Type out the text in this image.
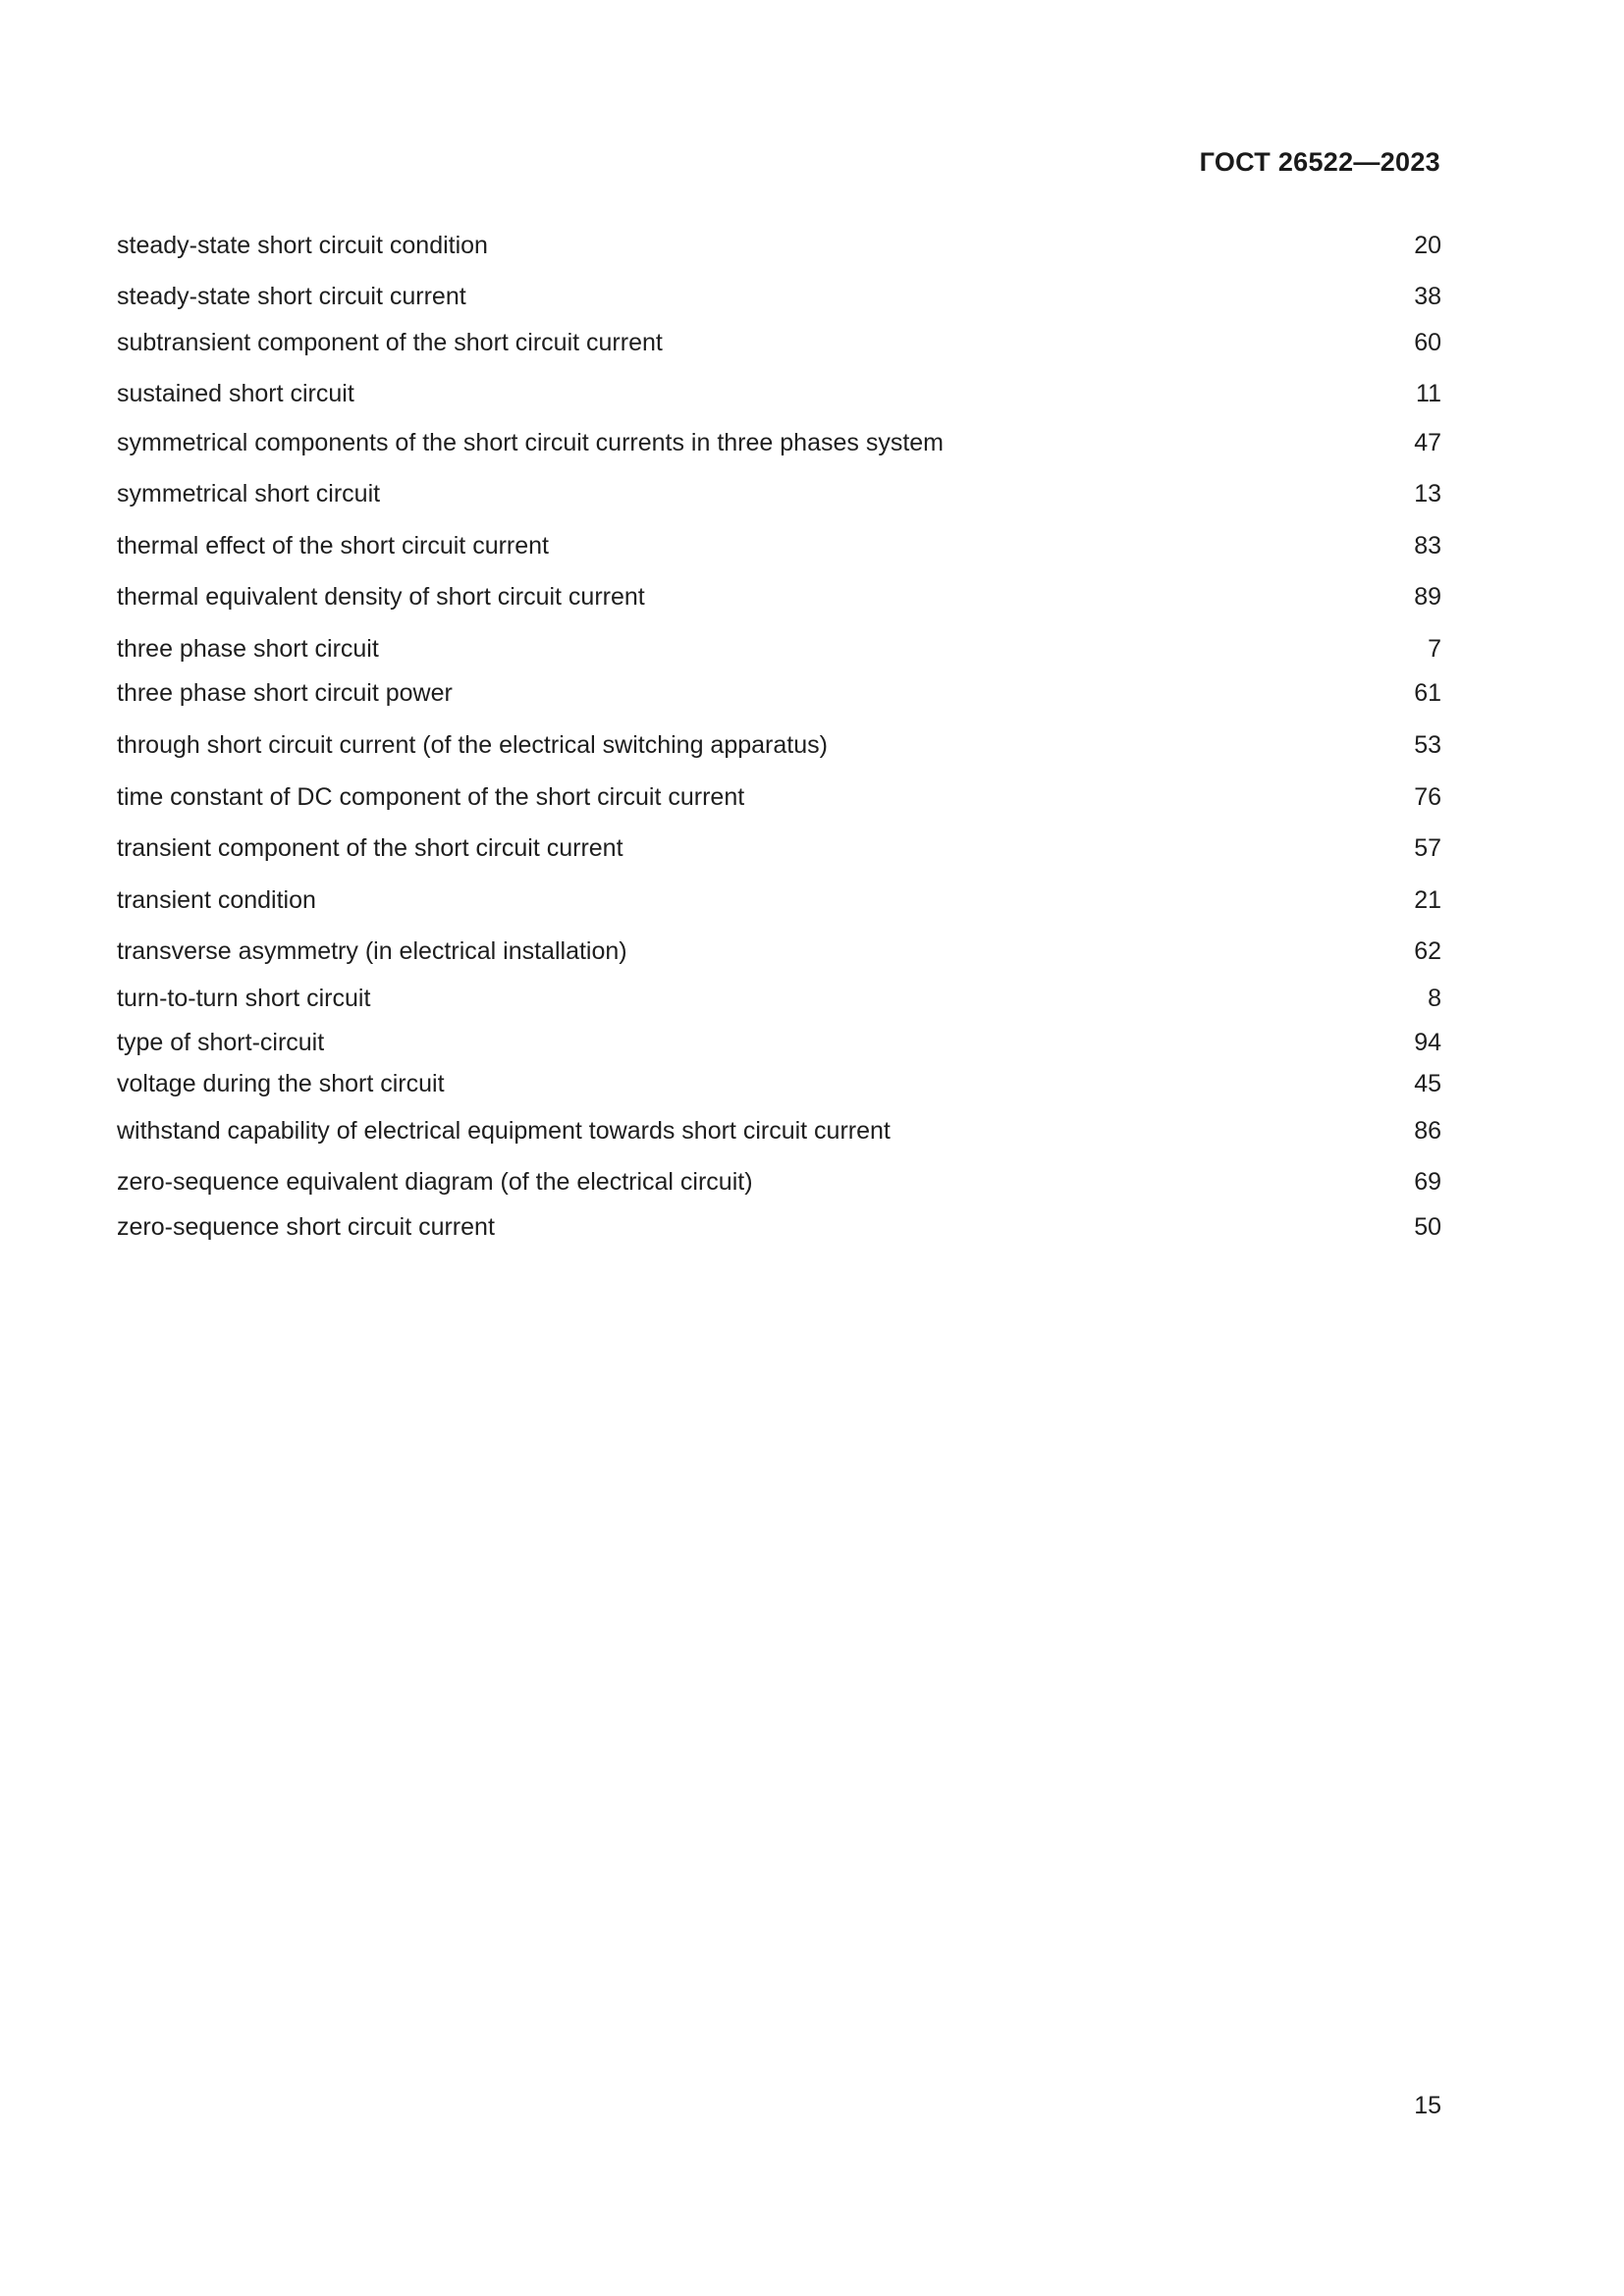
ГОСТ 26522—2023
steady-state short circuit condition	20
steady-state short circuit current	38
subtransient component of the short circuit current	60
sustained short circuit	11
symmetrical components of the short circuit currents in three phases system	47
symmetrical short circuit	13
thermal effect of the short circuit current	83
thermal equivalent density of short circuit current	89
three phase short circuit	7
three phase short circuit power	61
through short circuit current (of the electrical switching apparatus)	53
time constant of DC component of the short circuit current	76
transient component of the short circuit current	57
transient condition	21
transverse asymmetry (in electrical installation)	62
turn-to-turn short circuit	8
type of short-circuit	94
voltage during the short circuit	45
withstand capability of electrical equipment towards short circuit current	86
zero-sequence equivalent diagram (of the electrical circuit)	69
zero-sequence short circuit current	50
15
